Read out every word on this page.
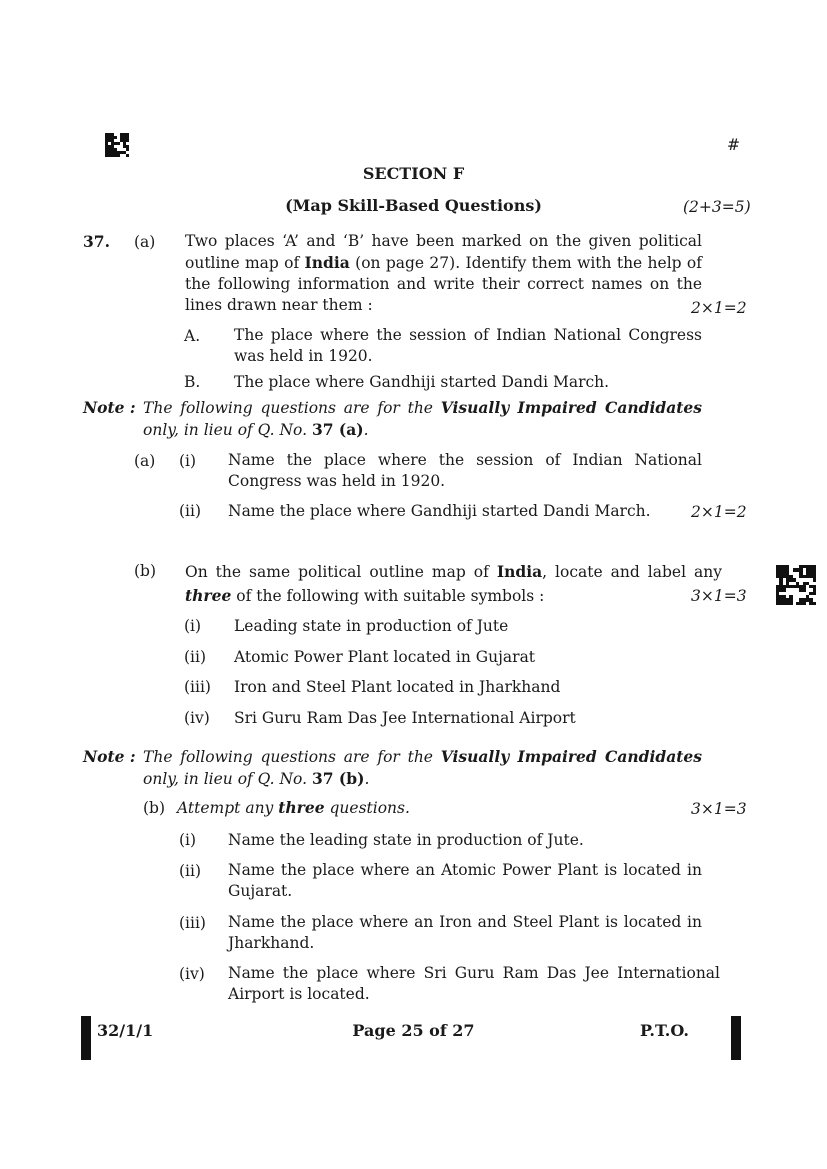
#
SECTION F
(Map Skill-Based Questions)	(2+3=5)
37. (a) Two places ‘A’ and ‘B’ have been marked on the given political
outline map of India (on page 27). Identify them with the help of
the following information and write their correct names on the
lines drawn near them :	2×1=2
A. The place where the session of Indian National Congress
was held in 1920.
B. The place where Gandhiji started Dandi March.
Note : The following questions are for the Visually Impaired Candidates
only, in lieu of Q. No. 37 (a).
(a) (i) Name the place where the session of Indian National
Congress was held in 1920.
(ii) Name the place where Gandhiji started Dandi March.	2×1=2
(b) On the same political outline map of India, locate and label any
three of the following with suitable symbols :	3×1=3
(i) Leading state in production of Jute
(ii) Atomic Power Plant located in Gujarat
(iii) Iron and Steel Plant located in Jharkhand
(iv) Sri Guru Ram Das Jee International Airport
Note : The following questions are for the Visually Impaired Candidates
only, in lieu of Q. No. 37 (b).
(b) Attempt any three questions.	3×1=3
(i) Name the leading state in production of Jute.
(ii) Name the place where an Atomic Power Plant is located in
Gujarat.
(iii) Name the place where an Iron and Steel Plant is located in
Jharkhand.
(iv) Name the place where Sri Guru Ram Das Jee International
Airport is located.
32/1/1	Page 25 of 27	P.T.O.
